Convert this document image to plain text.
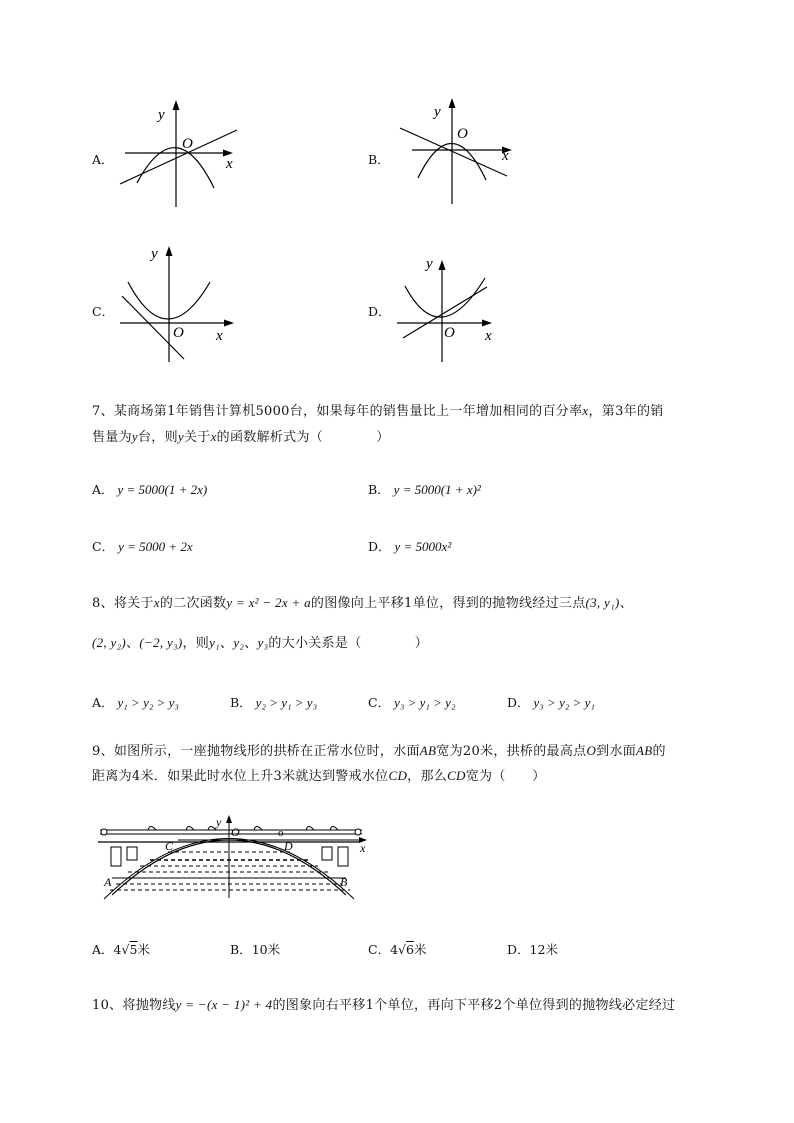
A．
y
O
x	B．
y
O
x
C．
y
O x
D．
y
O x
7、某商场第1年销售计算机5000台，如果每年的销售量比上一年增加相同的百分率x，第3年的销
售量为y台，则y关于x的函数解析式为（　　　　）
A． y = 5000(1 + 2x)	B． y = 5000(1 + x)²
C． y = 5000 + 2x	D． y = 5000x²
8、将关于x的二次函数y = x² − 2x + a的图像向上平移1单位，得到的抛物线经过三点(3, y₁)、
(2, y₂)、(−2, y₃)，则y₁、y₂、y₃的大小关系是（　　　　）
A． y₁ > y₂ > y₃	B． y₂ > y₁ > y₃	C． y₃ > y₁ > y₂	D． y₃ > y₂ > y₁
9、如图所示，一座抛物线形的拱桥在正常水位时，水面AB宽为20米，拱桥的最高点O到水面AB的
距离为4米．如果此时水位上升3米就达到警戒水位CD，那么CD宽为（　　）
y
O	ō
x
C	D
A	B
A．4√5米	B．10米	C．4√6米	D．12米
10、将抛物线y = −(x − 1)² + 4的图象向右平移1个单位，再向下平移2个单位得到的抛物线必定经过
